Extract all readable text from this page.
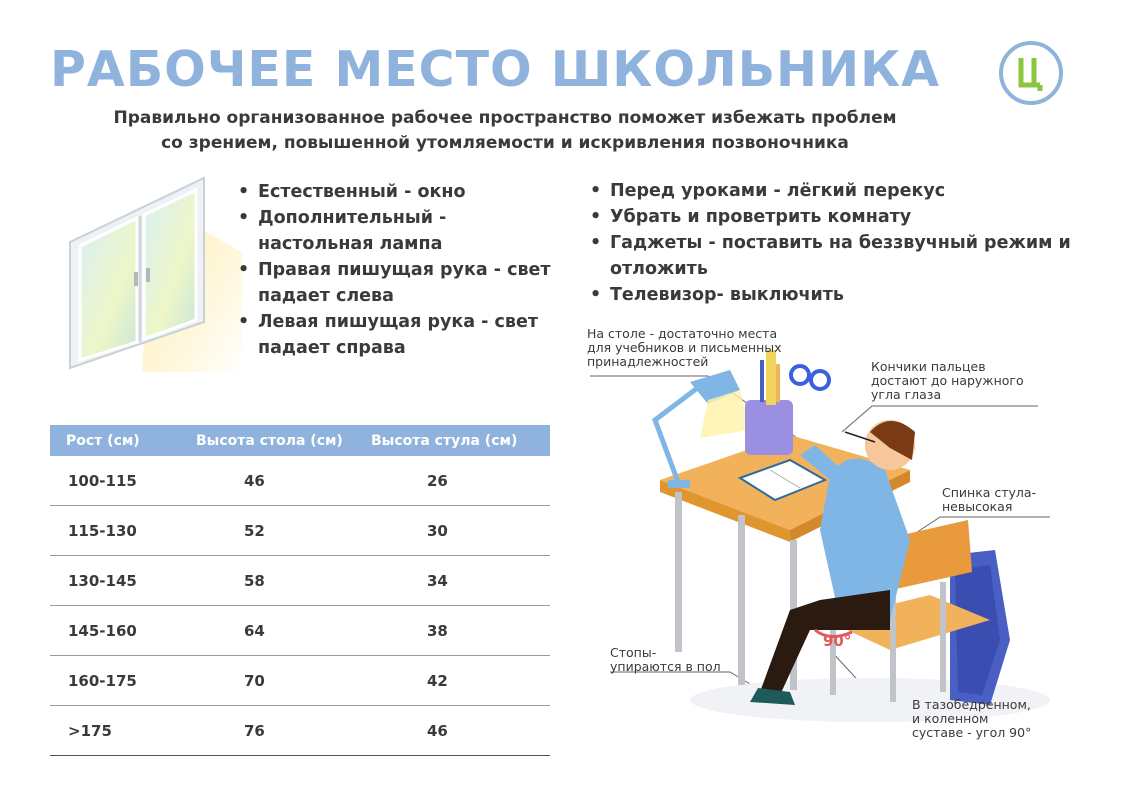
РАБОЧЕЕ МЕСТО ШКОЛЬНИКА
Правильно организованное рабочее пространство поможет избежать проблем
со зрением, повышенной утомляемости и искривления позвоночника
• Естественный - окно
• Дополнительный - настольная лампа
• Правая пишущая рука - свет падает слева
• Левая пишущая рука - свет падает справа
• Перед уроками - лёгкий перекус
• Убрать и проветрить комнату
• Гаджеты - поставить на беззвучный режим и отложить
• Телевизор- выключить
Рост (см)	Высота стола (см)	Высота стула (см)
100-115	46	26
115-130	52	30
130-145	58	34
145-160	64	38
160-175	70	42
>175	76	46
90°
На столе - достаточно места
для учебников и письменных
принадлежностей	Кончики пальцев
достают до наружного
угла глаза
Спинка стула-
невысокая
Стопы-
упираются в пол
В тазобедренном,
и коленном
суставе - угол 90°
